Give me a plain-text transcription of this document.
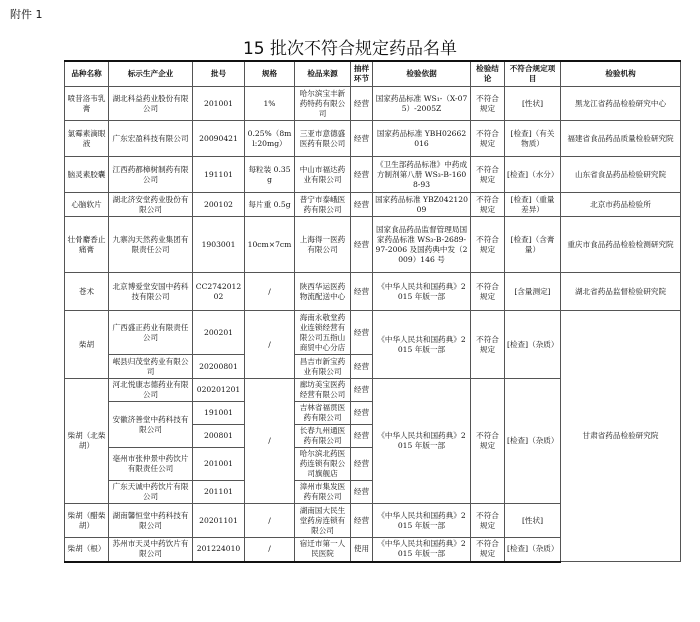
附件 1
15 批次不符合规定药品名单
品种名称	标示生产企业	批号	规格	检品来源	抽样环节	检验依据	检验结论	不符合规定项目	检验机构
喷昔洛韦乳膏	湖北科益药业股份有限公司	201001	1%	哈尔滨宝丰新药特药有限公司	经营	国家药品标准 WS₁-（X-075）-2005Z	不符合规定	[性状]	黑龙江省药品检验研究中心
氯霉素滴眼液	广东宏盈科技有限公司	20090421	0.25%（8ml:20mg）	三亚市意德盛医药有限公司	经营	国家药品标准 YBH02662016	不符合规定	[检查]（有关物质）	福建省食品药品质量检验研究院
脑灵素胶囊	江西药都樟树制药有限公司	191101	每粒装 0.35g	中山市福达药业有限公司	经营	《卫生部药品标准》中药成方制剂第八册 WS₃-B-1608-93	不符合规定	[检查]（水分）	山东省食品药品检验研究院
心脑软片	湖北济安堂药业股份有限公司	200102	每片重 0.5g	普宁市泰峨医药有限公司	经营	国家药品标准 YBZ04212009	不符合规定	[检查]（重量差异）	北京市药品检验所
壮骨麝香止痛膏	九寨沟天然药业集团有限责任公司	1903001	10cm×7cm	上海得一医药有限公司	经营	国家食品药品监督管理局国家药品标准 WS₃-B-2689-97-2006 及国药典中发（2009）146 号	不符合规定	[检查]（含膏量）	重庆市食品药品检验检测研究院
苍术	北京博爱堂安国中药科技有限公司	CC274201202	/	陕西华运医药物流配送中心	经营	《中华人民共和国药典》2015 年版一部	不符合规定	[含量测定]	湖北省药品监督检验研究院
柴胡	广西盛正药业有限责任公司	200201	/	海南永敬堂药业连锁经营有限公司五指山商贸中心分店	经营	《中华人民共和国药典》2015 年版一部	不符合规定	[检查]（杂质）	甘肃省药品检验研究院
	岷县归茂堂药业有限公司	20200801		昌吉市新宝药业有限公司	经营				
柴胡（北柴胡）	河北悦康志德药业有限公司	020201201	/	廊坊美宝医药经营有限公司	经营	《中华人民共和国药典》2015 年版一部	不符合规定	[检查]（杂质）	
	安徽济善堂中药科技有限公司	191001		吉林省福贯医药有限公司	经营				
		200801		长春九州通医药有限公司	经营				
	亳州市张仲景中药饮片有限责任公司	201001		哈尔滨北药医药连锁有限公司旗舰店	经营				
	广东天诚中药饮片有限公司	201101		漳州市集发医药有限公司	经营				
柴胡（醋柴胡）	湖南馨恒堂中药科技有限公司	20201101	/	湖南国大民生堂药房连锁有限公司	经营	《中华人民共和国药典》2015 年版一部	不符合规定	[性状]	
柴胡（根）	苏州市天灵中药饮片有限公司	201224010	/	宿迁市第一人民医院	使用	《中华人民共和国药典》2015 年版一部	不符合规定	[检查]（杂质）	
